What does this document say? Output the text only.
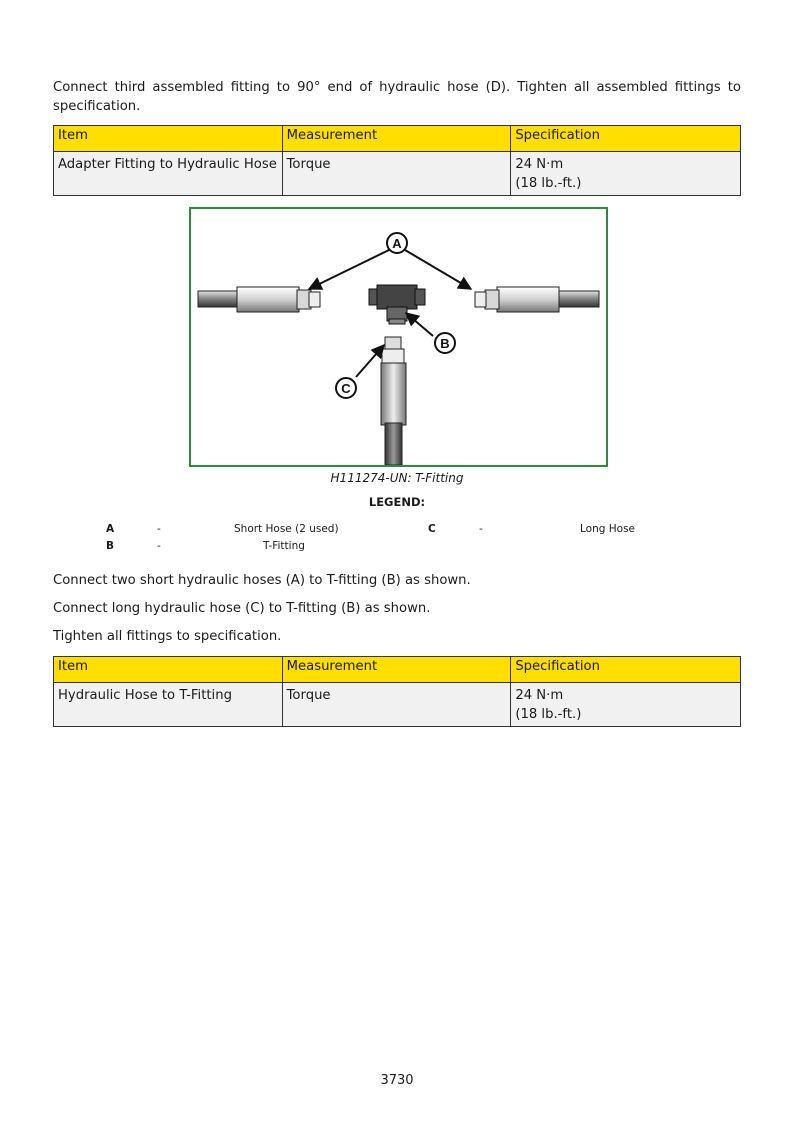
Connect third assembled fitting to 90° end of hydraulic hose (D). Tighten all assembled fittings to specification.
Item	Measurement	Specification
Adapter Fitting to Hydraulic Hose	Torque	24 N·m
(18 lb.-ft.)
A
B
C
H111274-UN: T-Fitting
LEGEND:
A	-	Short Hose (2 used)
B	-	T-Fitting
C	-	Long Hose
Connect two short hydraulic hoses (A) to T-fitting (B) as shown.
Connect long hydraulic hose (C) to T-fitting (B) as shown.
Tighten all fittings to specification.
Item	Measurement	Specification
Hydraulic Hose to T-Fitting	Torque	24 N·m
(18 lb.-ft.)
3730
